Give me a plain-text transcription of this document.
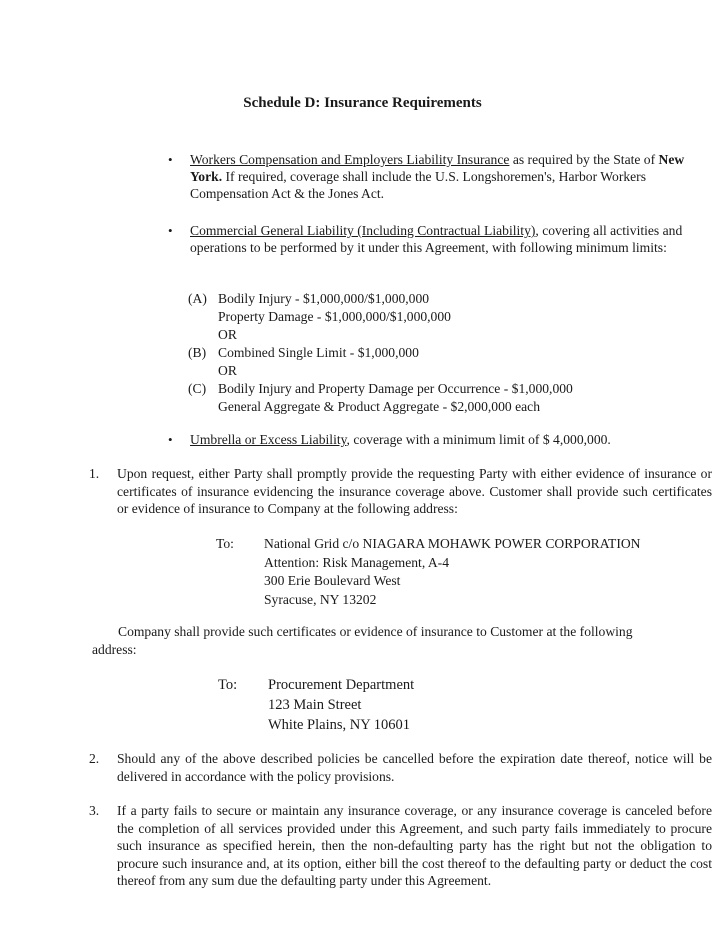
Schedule D: Insurance Requirements
• Workers Compensation and Employers Liability Insurance as required by the State of New York. If required, coverage shall include the U.S. Longshoremen's, Harbor Workers Compensation Act & the Jones Act.
• Commercial General Liability (Including Contractual Liability), covering all activities and operations to be performed by it under this Agreement, with following minimum limits:
(A) Bodily Injury - $1,000,000/$1,000,000
Property Damage - $1,000,000/$1,000,000
OR
(B) Combined Single Limit - $1,000,000
OR
(C) Bodily Injury and Property Damage per Occurrence - $1,000,000
General Aggregate & Product Aggregate - $2,000,000 each
• Umbrella or Excess Liability, coverage with a minimum limit of $ 4,000,000.
1. Upon request, either Party shall promptly provide the requesting Party with either evidence of insurance or certificates of insurance evidencing the insurance coverage above. Customer shall provide such certificates or evidence of insurance to Company at the following address:
To: National Grid c/o NIAGARA MOHAWK POWER CORPORATION
Attention: Risk Management, A-4
300 Erie Boulevard West
Syracuse, NY 13202
Company shall provide such certificates or evidence of insurance to Customer at the following
address:
To: Procurement Department
123 Main Street
White Plains, NY 10601
2. Should any of the above described policies be cancelled before the expiration date thereof, notice will be delivered in accordance with the policy provisions.
3. If a party fails to secure or maintain any insurance coverage, or any insurance coverage is canceled before the completion of all services provided under this Agreement, and such party fails immediately to procure such insurance as specified herein, then the non-defaulting party has the right but not the obligation to procure such insurance and, at its option, either bill the cost thereof to the defaulting party or deduct the cost thereof from any sum due the defaulting party under this Agreement.
